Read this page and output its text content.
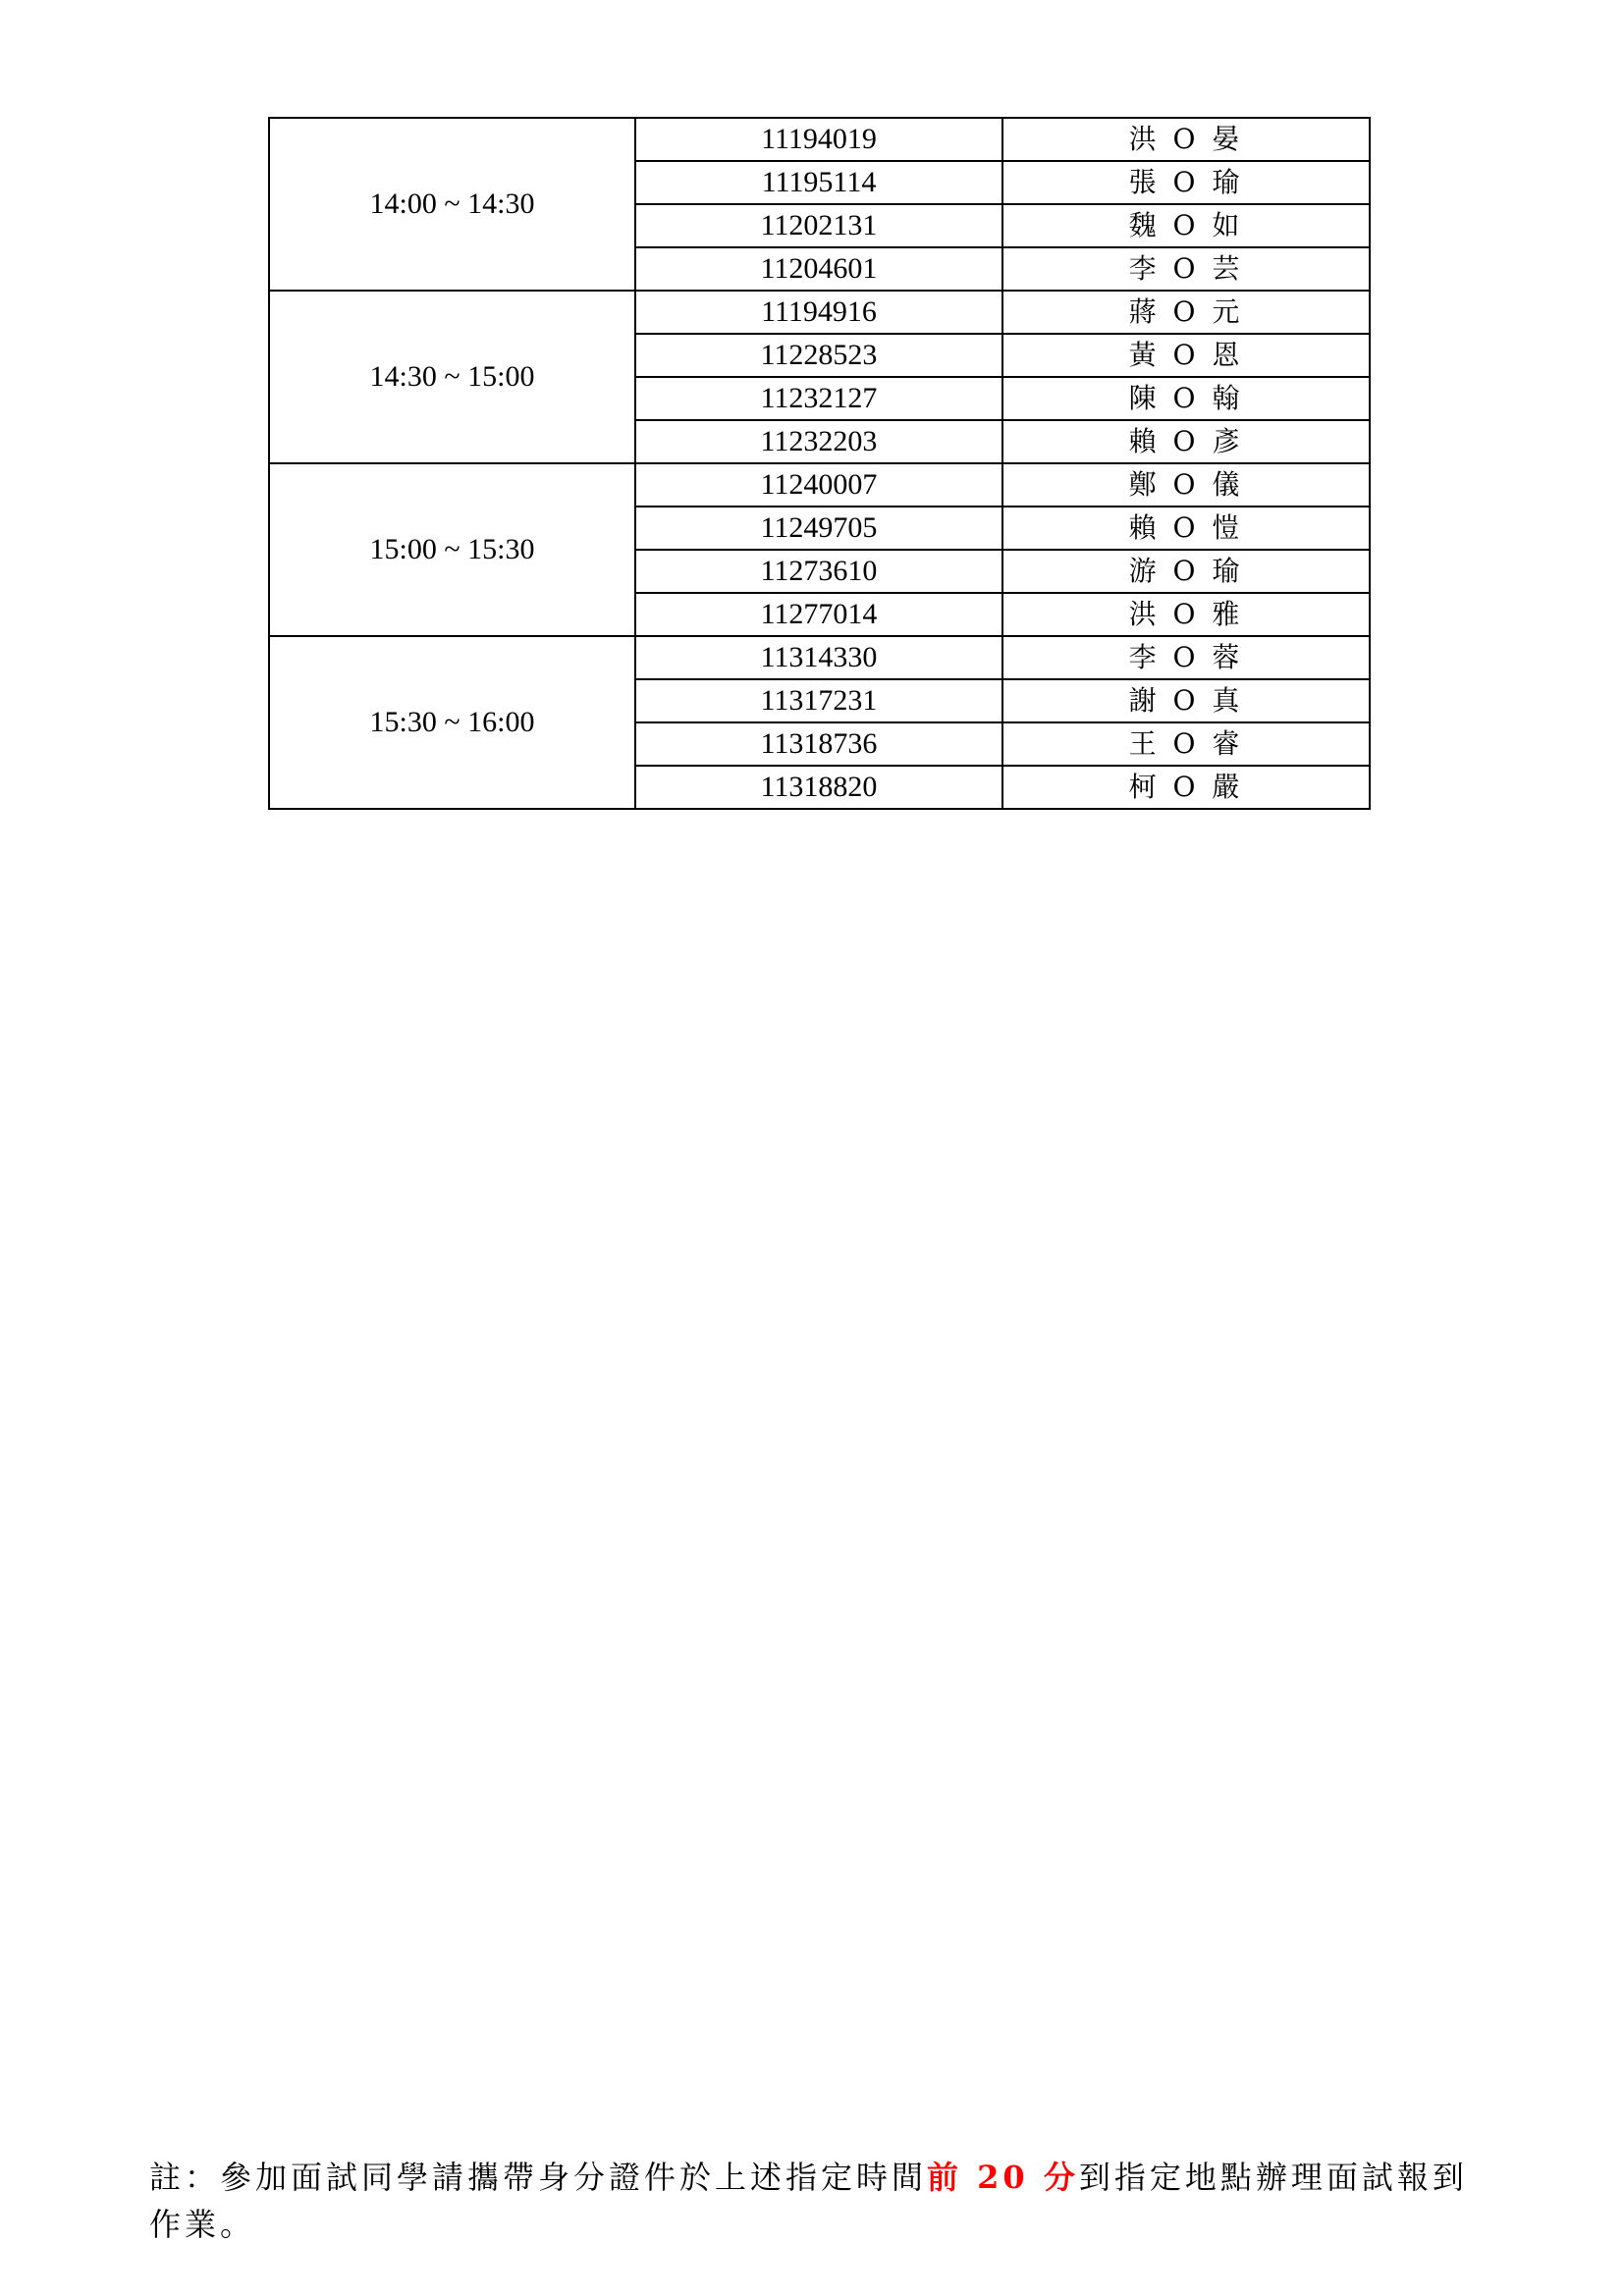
14:00 ~ 14:30	11194019	洪 O 晏
	11195114	張 O 瑜
	11202131	魏 O 如
	11204601	李 O 芸
14:30 ~ 15:00	11194916	蔣 O 元
	11228523	黃 O 恩
	11232127	陳 O 翰
	11232203	賴 O 彥
15:00 ~ 15:30	11240007	鄭 O 儀
	11249705	賴 O 愷
	11273610	游 O 瑜
	11277014	洪 O 雅
15:30 ~ 16:00	11314330	李 O 蓉
	11317231	謝 O 真
	11318736	王 O 睿
	11318820	柯 O 嚴

註：參加面試同學請攜帶身分證件於上述指定時間前 20 分到指定地點辦理面試報到作業。
